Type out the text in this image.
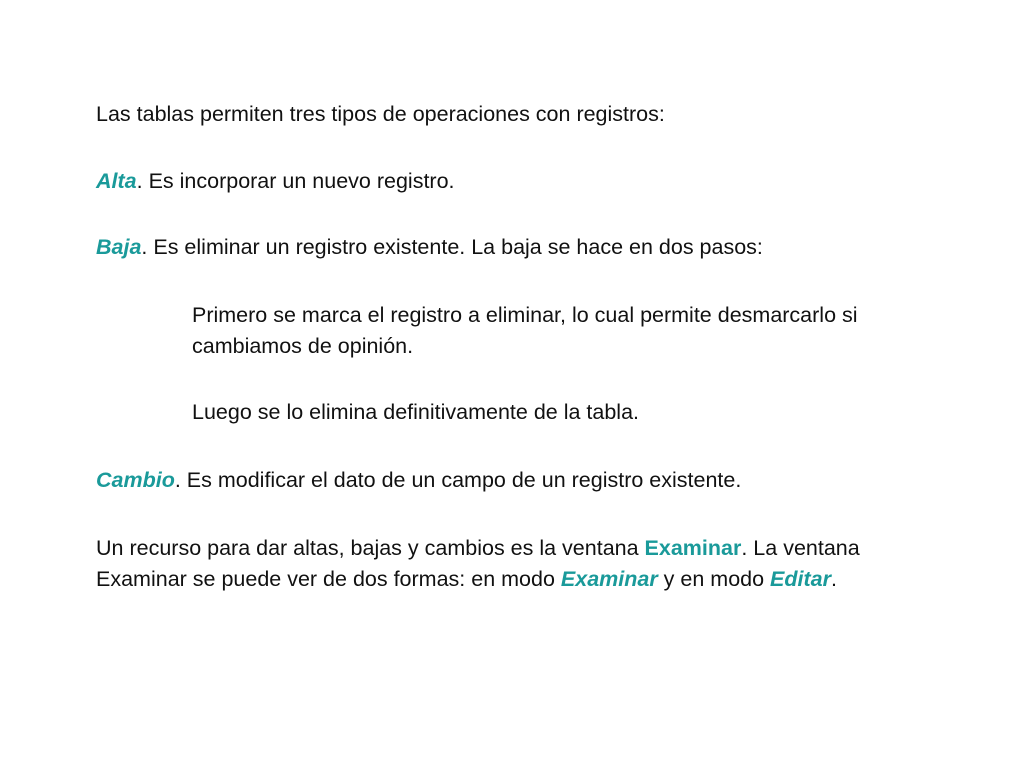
Las tablas permiten tres tipos de operaciones con registros:

Alta. Es incorporar un nuevo registro.

Baja. Es eliminar un registro existente. La baja se hace en dos pasos:

Primero se marca el registro a eliminar, lo cual permite desmarcarlo si cambiamos de opinión.

Luego se lo elimina definitivamente de la tabla.

Cambio. Es modificar el dato de un campo de un registro existente.

Un recurso para dar altas, bajas y cambios es la ventana Examinar. La ventana Examinar se puede ver de dos formas: en modo Examinar y en modo Editar.
